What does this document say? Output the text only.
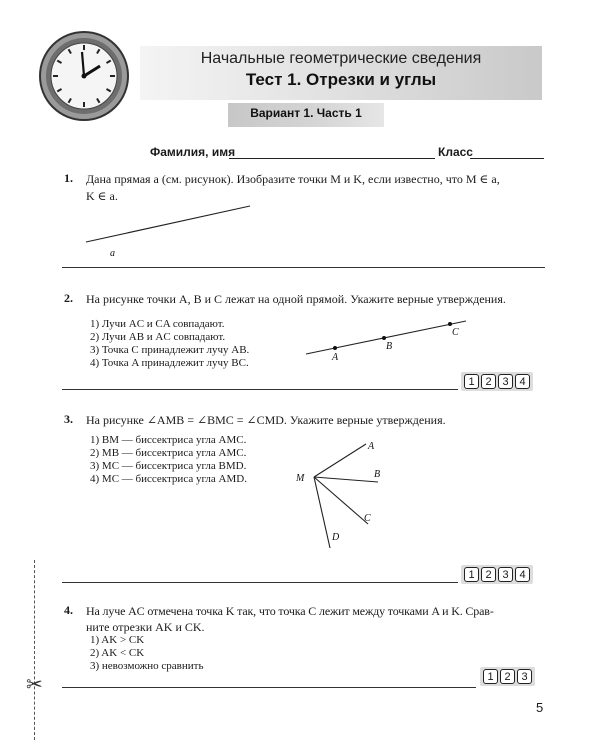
Начальные геометрические сведения
Тест 1. Отрезки и углы
Вариант 1. Часть 1
Фамилия, имя	Класс
1. Дана прямая a (см. рисунок). Изобразите точки M и K, если известно, что M ∈ a,
K ∈ a.
a
2. На рисунке точки A, B и C лежат на одной прямой. Укажите верные утверждения.
1) Лучи AC и CA совпадают.
2) Лучи AB и AC совпадают.
3) Точка C принадлежит лучу AB.
4) Точка A принадлежит лучу BC.	A
B
C
1 2 3 4
3. На рисунке ∠AMB = ∠BMC = ∠CMD. Укажите верные утверждения.
1) BM — биссектриса угла AMC.
2) MB — биссектриса угла AMC.
3) MC — биссектриса угла BMD.
4) MC — биссектриса угла AMD.	M
A
B
C
D
1 2 3 4
4. На луче AC отмечена точка K так, что точка C лежит между точками A и K. Срав-
ните отрезки AK и CK.
1) AK > CK
2) AK < CK
3) невозможно сравнить
1 2 3
✂
5
